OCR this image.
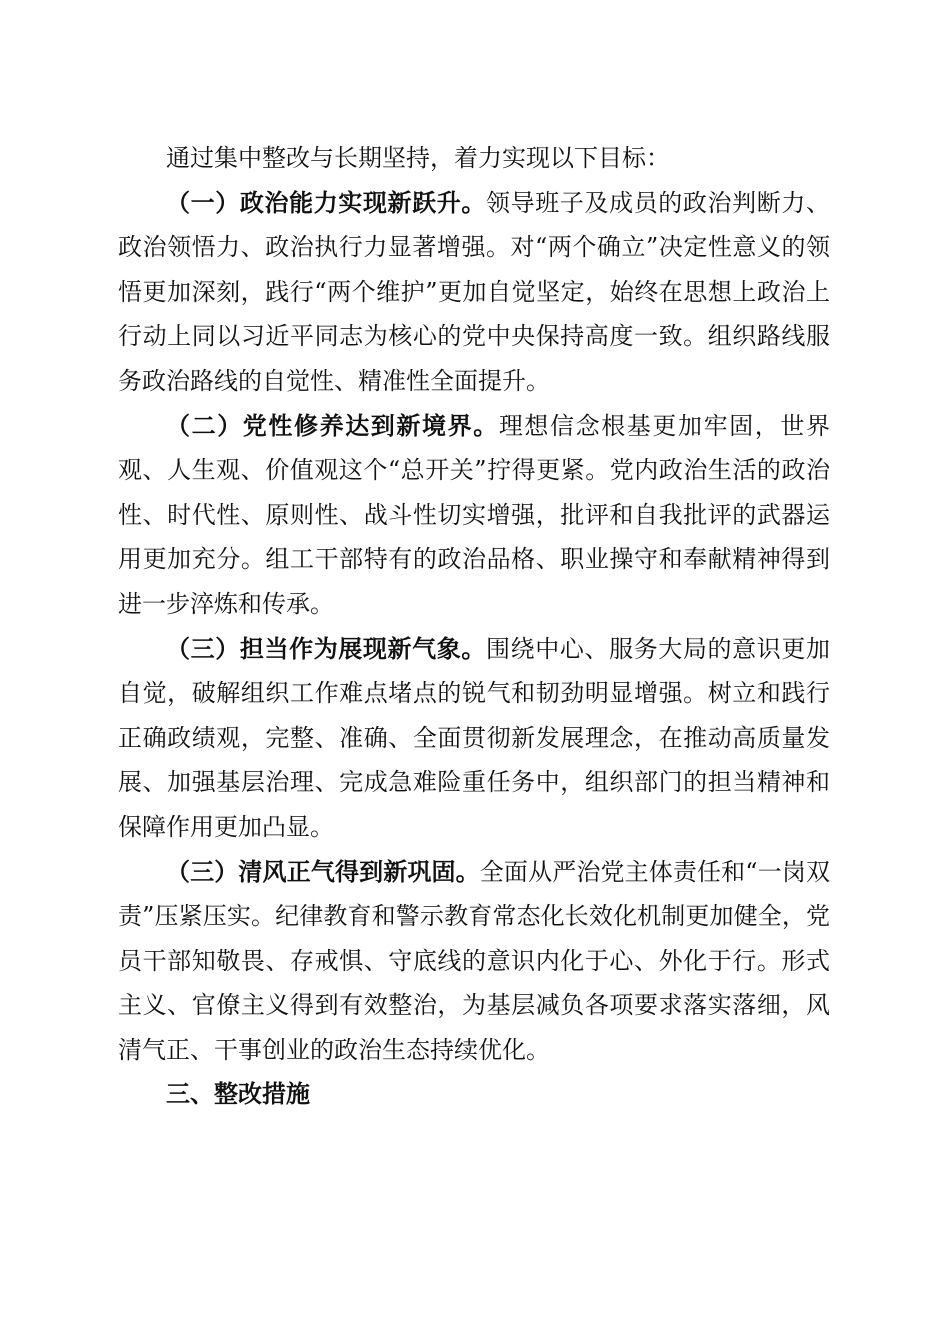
通过集中整改与长期坚持，着力实现以下目标：

（一）政治能力实现新跃升。领导班子及成员的政治判断力、政治领悟力、政治执行力显著增强。对“两个确立”决定性意义的领悟更加深刻，践行“两个维护”更加自觉坚定，始终在思想上政治上行动上同以习近平同志为核心的党中央保持高度一致。组织路线服务政治路线的自觉性、精准性全面提升。

（二）党性修养达到新境界。理想信念根基更加牢固，世界观、人生观、价值观这个“总开关”拧得更紧。党内政治生活的政治性、时代性、原则性、战斗性切实增强，批评和自我批评的武器运用更加充分。组工干部特有的政治品格、职业操守和奉献精神得到进一步淬炼和传承。

（三）担当作为展现新气象。围绕中心、服务大局的意识更加自觉，破解组织工作难点堵点的锐气和韧劲明显增强。树立和践行正确政绩观，完整、准确、全面贯彻新发展理念，在推动高质量发展、加强基层治理、完成急难险重任务中，组织部门的担当精神和保障作用更加凸显。

（三）清风正气得到新巩固。全面从严治党主体责任和“一岗双责”压紧压实。纪律教育和警示教育常态化长效化机制更加健全，党员干部知敬畏、存戒惧、守底线的意识内化于心、外化于行。形式主义、官僚主义得到有效整治，为基层减负各项要求落实落细，风清气正、干事创业的政治生态持续优化。

三、整改措施
